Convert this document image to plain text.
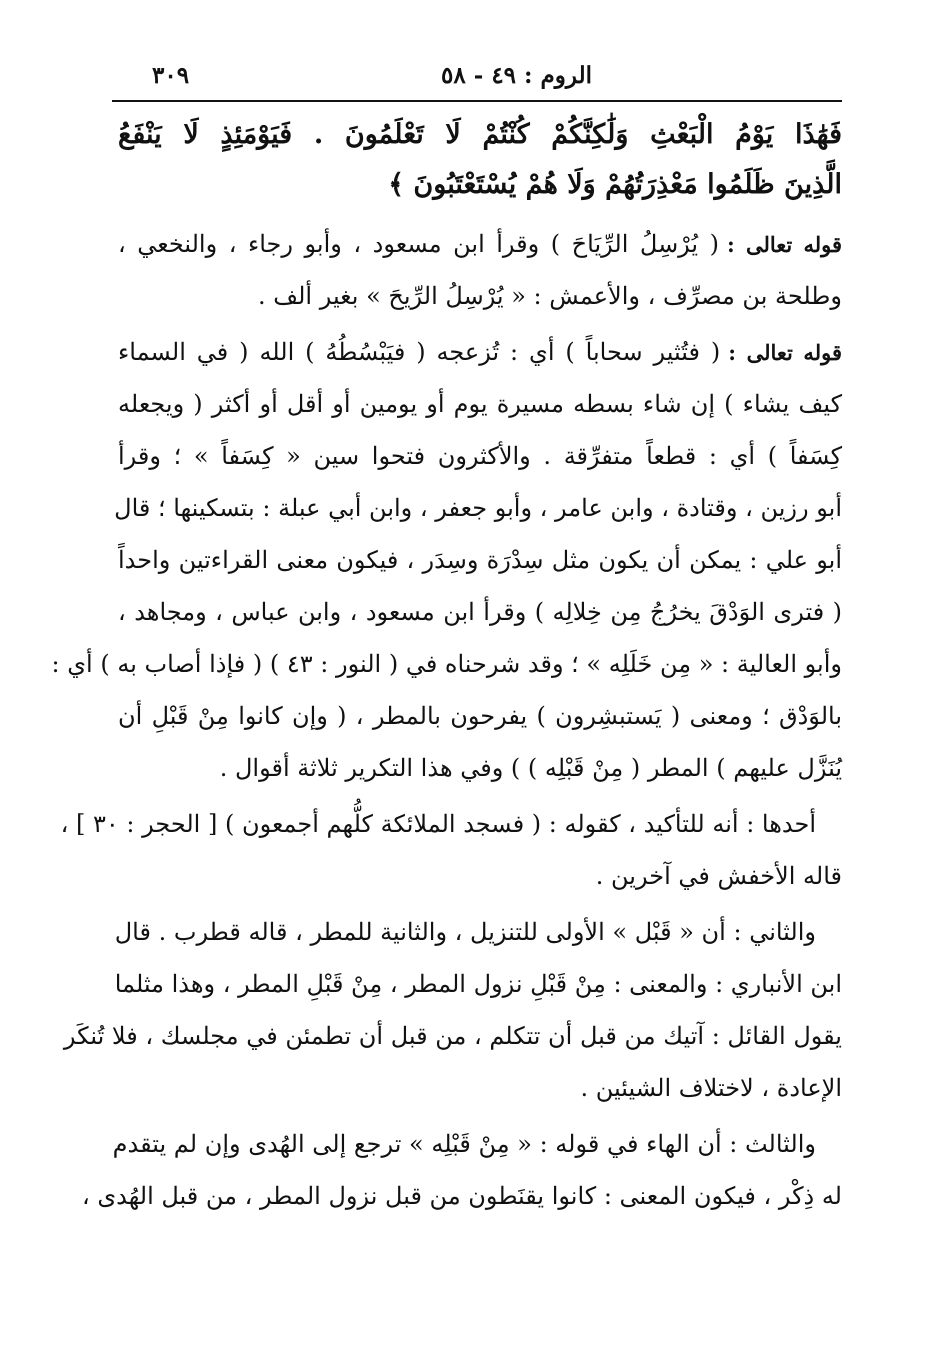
الروم : ٤٩ - ٥٨
٣٠٩
فَهَٰذَا يَوْمُ الْبَعْثِ وَلَٰكِنَّكُمْ كُنْتُمْ لَا تَعْلَمُونَ . فَيَوْمَئِذٍ لَا يَنْفَعُ
الَّذِينَ ظَلَمُوا مَعْذِرَتُهُمْ وَلَا هُمْ يُسْتَعْتَبُونَ ﴾
قوله تعالى :( يُرْسِلُ الرِّيَاحَ ) وقرأ ابن مسعود ، وأبو رجاء ، والنخعي ،
وطلحة بن مصرِّف ، والأعمش : « يُرْسِلُ الرِّيحَ » بغير ألف .
قوله تعالى :( فتُثير سحاباً ) أي : تُزعجه ( فيَبْسُطُهُ ) الله ( في السماء
كيف يشاء ) إن شاء بسطه مسيرة يوم أو يومين أو أقل أو أكثر ( ويجعله
كِسَفاً ) أي : قطعاً متفرِّقة . والأكثرون فتحوا سين « كِسَفاً » ؛ وقرأ
أبو رزين ، وقتادة ، وابن عامر ، وأبو جعفر ، وابن أبي عبلة : بتسكينها ؛ قال
أبو علي : يمكن أن يكون مثل سِدْرَة وسِدَر ، فيكون معنى القراءتين واحداً
( فترى الوَدْقَ يخرُجُ مِن خِلالِه ) وقرأ ابن مسعود ، وابن عباس ، ومجاهد ،
وأبو العالية : « مِن خَلَلِه » ؛ وقد شرحناه في ( النور : ٤٣ ) ( فإذا أصاب به ) أي :
بالوَدْق ؛ ومعنى ( يَستبشِرون ) يفرحون بالمطر ، ( وإن كانوا مِنْ قَبْلِ أن
يُنَزَّل عليهم ) المطر ( مِنْ قَبْلِه ) ) وفي هذا التكرير ثلاثة أقوال .
أحدها : أنه للتأكيد ، كقوله : ( فسجد الملائكة كلُّهم أجمعون ) [ الحجر : ٣٠ ] ،
قاله الأخفش في آخرين .
والثاني : أن « قَبْل » الأولى للتنزيل ، والثانية للمطر ، قاله قطرب . قال
ابن الأنباري : والمعنى : مِنْ قَبْلِ نزول المطر ، مِنْ قَبْلِ المطر ، وهذا مثلما
يقول القائل : آتيك من قبل أن تتكلم ، من قبل أن تطمئن في مجلسك ، فلا تُنكَر
الإعادة ، لاختلاف الشيئين .
والثالث : أن الهاء في قوله : « مِنْ قَبْلِه » ترجع إلى الهُدى وإن لم يتقدم
له ذِكْر ، فيكون المعنى : كانوا يقنَطون من قبل نزول المطر ، من قبل الهُدى ،
